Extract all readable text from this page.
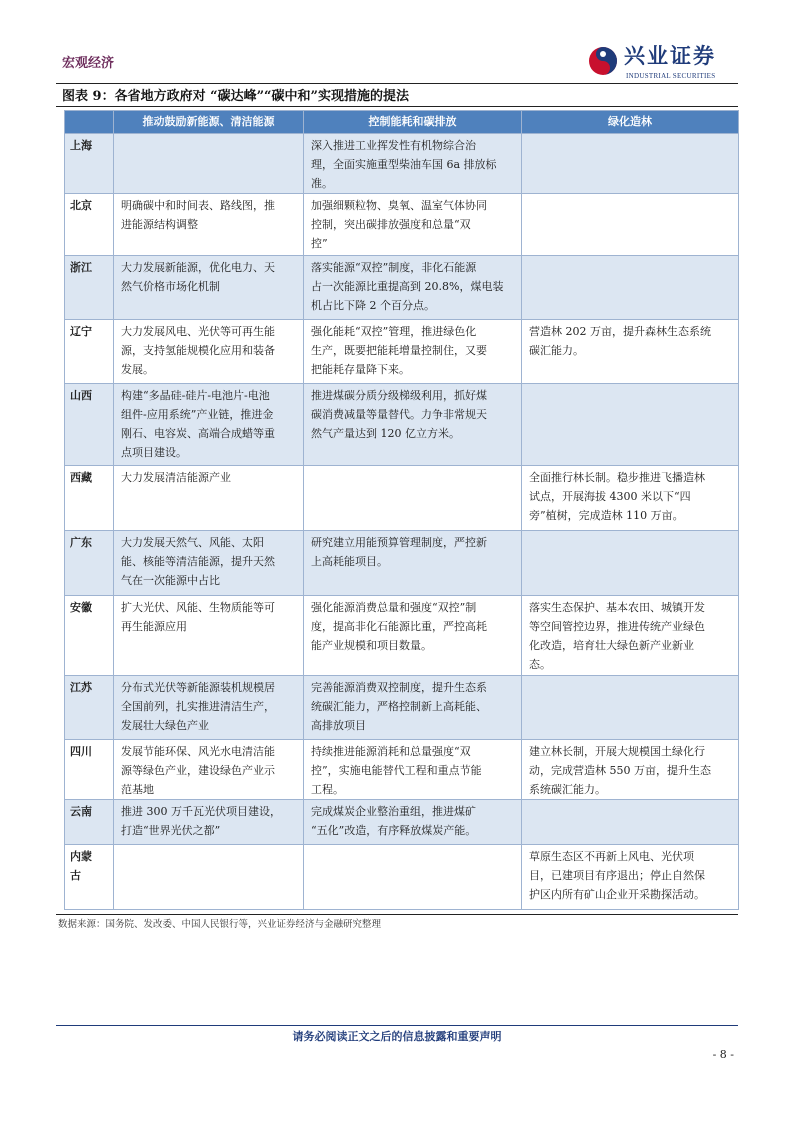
宏观经济	兴业证券
INDUSTRIAL SECURITIES
图表 9：各省地方政府对 “碳达峰”“碳中和”实现措施的提法
	推动鼓励新能源、清洁能源	控制能耗和碳排放	绿化造林
上海		深入推进工业挥发性有机物综合治
理，全面实施重型柴油车国 6a 排放标
准。	
北京	明确碳中和时间表、路线图，推
进能源结构调整	加强细颗粒物、臭氧、温室气体协同
控制，突出碳排放强度和总量“双
控”	
浙江	大力发展新能源，优化电力、天
然气价格市场化机制	落实能源“双控”制度，非化石能源
占一次能源比重提高到 20.8%，煤电装
机占比下降 2 个百分点。	
辽宁	大力发展风电、光伏等可再生能
源，支持氢能规模化应用和装备
发展。	强化能耗“双控”管理，推进绿色化
生产，既要把能耗增量控制住，又要
把能耗存量降下来。	营造林 202 万亩，提升森林生态系统
碳汇能力。
山西	构建“多晶硅-硅片-电池片-电池
组件-应用系统”产业链，推进金
刚石、电容炭、高端合成蜡等重
点项目建设。	推进煤碳分质分级梯级利用，抓好煤
碳消费减量等量替代。力争非常规天
然气产量达到 120 亿立方米。	
西藏	大力发展清洁能源产业		全面推行林长制。稳步推进飞播造林
试点，开展海拔 4300 米以下“四
旁”植树，完成造林 110 万亩。
广东	大力发展天然气、风能、太阳
能、核能等清洁能源，提升天然
气在一次能源中占比	研究建立用能预算管理制度，严控新
上高耗能项目。	
安徽	扩大光伏、风能、生物质能等可
再生能源应用	强化能源消费总量和强度“双控”制
度，提高非化石能源比重，严控高耗
能产业规模和项目数量。	落实生态保护、基本农田、城镇开发
等空间管控边界，推进传统产业绿色
化改造，培育壮大绿色新产业新业
态。
江苏	分布式光伏等新能源装机规模居
全国前列，扎实推进清洁生产，
发展壮大绿色产业	完善能源消费双控制度，提升生态系
统碳汇能力，严格控制新上高耗能、
高排放项目	
四川	发展节能环保、风光水电清洁能
源等绿色产业，建设绿色产业示
范基地	持续推进能源消耗和总量强度“双
控”，实施电能替代工程和重点节能
工程。	建立林长制，开展大规模国土绿化行
动，完成营造林 550 万亩，提升生态
系统碳汇能力。
云南	推进 300 万千瓦光伏项目建设，
打造“世界光伏之都”	完成煤炭企业整治重组，推进煤矿
“五化”改造，有序释放煤炭产能。	
内蒙
古			草原生态区不再新上风电、光伏项
目，已建项目有序退出；停止自然保
护区内所有矿山企业开采勘探活动。
数据来源：国务院、发改委、中国人民银行等，兴业证券经济与金融研究整理
请务必阅读正文之后的信息披露和重要声明
- 8 -
